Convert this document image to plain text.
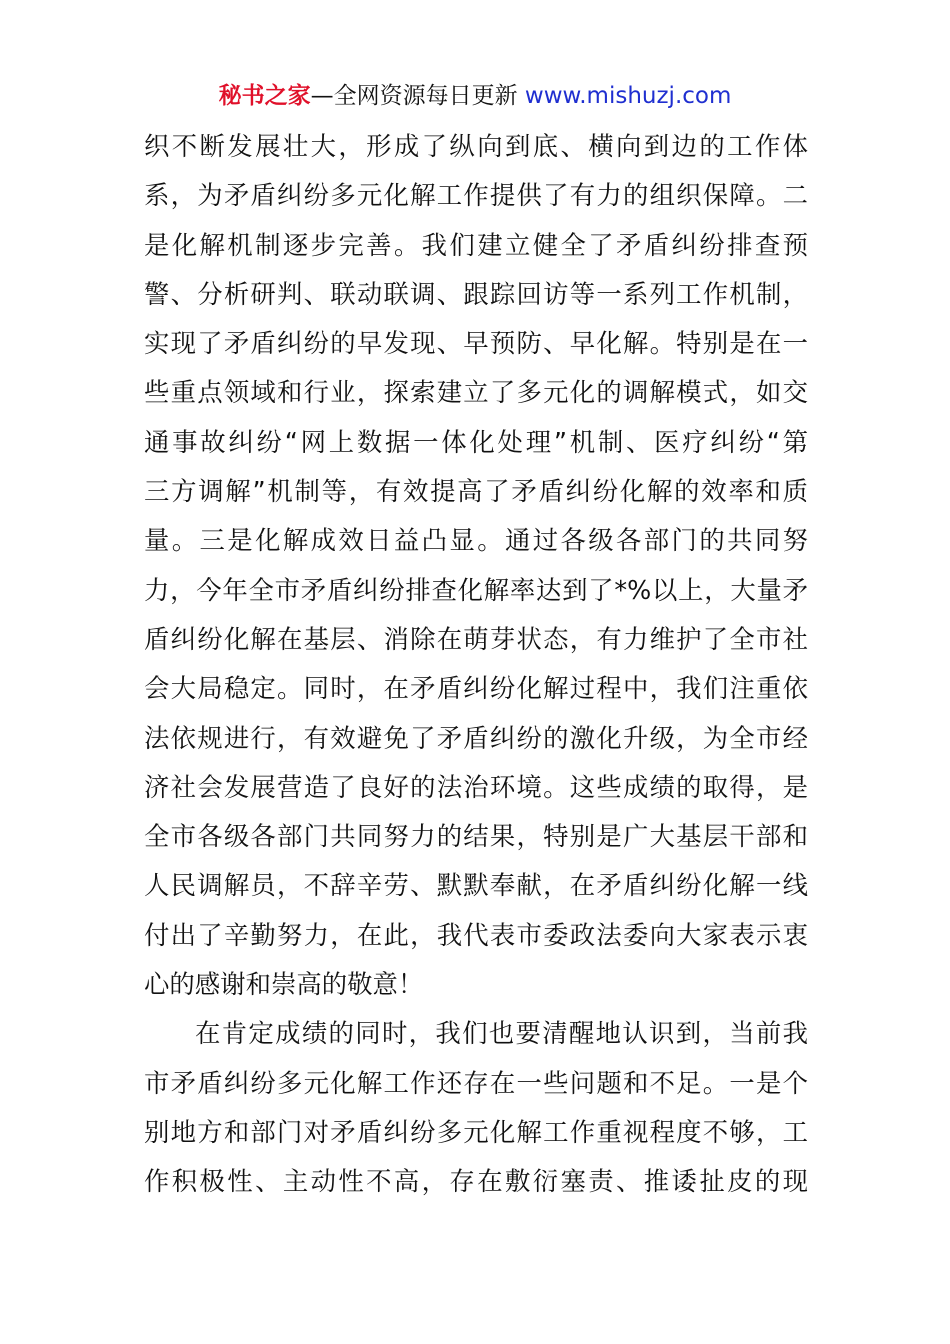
秘书之家—全网资源每日更新 www.mishuzj.com
织不断发展壮大，形成了纵向到底、横向到边的工作体
系，为矛盾纠纷多元化解工作提供了有力的组织保障。二
是化解机制逐步完善。我们建立健全了矛盾纠纷排查预
警、分析研判、联动联调、跟踪回访等一系列工作机制，
实现了矛盾纠纷的早发现、早预防、早化解。特别是在一
些重点领域和行业，探索建立了多元化的调解模式，如交
通事故纠纷“网上数据一体化处理”机制、医疗纠纷“第
三方调解”机制等，有效提高了矛盾纠纷化解的效率和质
量。三是化解成效日益凸显。通过各级各部门的共同努
力，今年全市矛盾纠纷排查化解率达到了*%以上，大量矛
盾纠纷化解在基层、消除在萌芽状态，有力维护了全市社
会大局稳定。同时，在矛盾纠纷化解过程中，我们注重依
法依规进行，有效避免了矛盾纠纷的激化升级，为全市经
济社会发展营造了良好的法治环境。这些成绩的取得，是
全市各级各部门共同努力的结果，特别是广大基层干部和
人民调解员，不辞辛劳、默默奉献，在矛盾纠纷化解一线
付出了辛勤努力，在此，我代表市委政法委向大家表示衷
心的感谢和崇高的敬意！
在肯定成绩的同时，我们也要清醒地认识到，当前我
市矛盾纠纷多元化解工作还存在一些问题和不足。一是个
别地方和部门对矛盾纠纷多元化解工作重视程度不够，工
作积极性、主动性不高，存在敷衍塞责、推诿扯皮的现
